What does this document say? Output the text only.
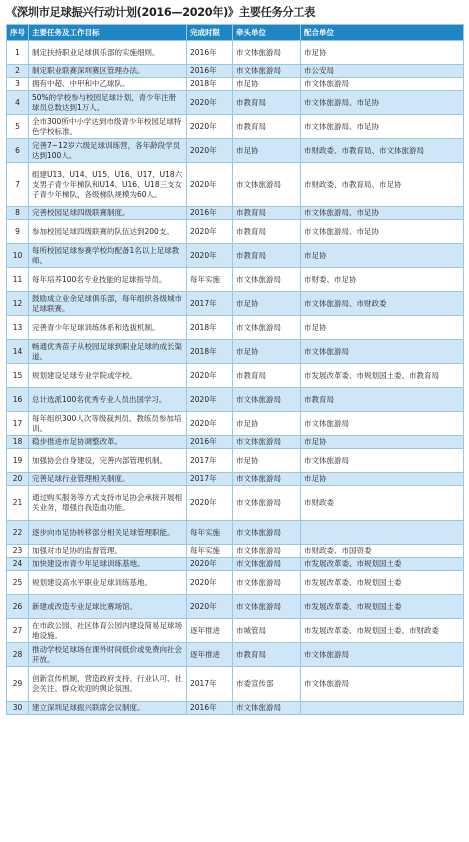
《深圳市足球振兴行动计划(2016—2020年)》主要任务分工表
序号	主要任务及工作目标	完成时限	牵头单位	配合单位
1	制定扶持职业足球俱乐部的实施细则。	2016年	市文体旅游局	市足协
2	制定职业联赛深圳赛区管理办法。	2016年	市文体旅游局	市公安局
3	拥有中超、中甲和中乙球队。	2018年	市足协	市文体旅游局
4	50%的学校参与校园足球计划，青少年注册球员总数达到1万人。	2020年	市教育局	市文体旅游局、市足协
5	全市300所中小学达到市级青少年校园足球特色学校标准。	2020年	市教育局	市文体旅游局、市足协
6	完善7~12岁六级足球训练营，各年龄段学员达到100人。	2020年	市足协	市财政委、市教育局、市文体旅游局
7	组建U13、U14、U15、U16、U17、U18六支男子青少年梯队和U14、U16、U18三支女子青少年梯队，各级梯队规模为60人。	2020年	市文体旅游局	市财政委、市教育局、市足协
8	完善校园足球四级联赛制度。	2016年	市教育局	市文体旅游局、市足协
9	参加校园足球四级联赛的队伍达到200支。	2020年	市教育局	市文体旅游局、市足协
10	每所校园足球参赛学校均配备1名以上足球教师。	2020年	市教育局	市足协
11	每年培养100名专业技能的足球指导员。	每年实施	市文体旅游局	市财委、市足协
12	鼓励成立业余足球俱乐部，每年组织各级城市足球联赛。	2017年	市足协	市文体旅游局、市财政委
13	完善青少年足球训练体系和选拔机制。	2018年	市文体旅游局	市足协
14	畅通优秀苗子从校园足球到职业足球的成长渠道。	2018年	市足协	市文体旅游局
15	规划建设足球专业学院或学校。	2020年	市教育局	市发展改革委、市规划国土委、市教育局
16	总计选派100名优秀专业人员出国学习。	2020年	市文体旅游局	市教育局
17	每年组织300人次等级裁判员、教练员参加培训。	2020年	市足协	市文体旅游局
18	稳步推进市足协调整改革。	2016年	市文体旅游局	市足协
19	加强协会自身建设，完善内部管理机制。	2017年	市足协	市文体旅游局
20	完善足球行业管理相关制度。	2017年	市文体旅游局	市足协
21	通过购买服务等方式支持市足协会承接开展相关业务，增强自我造血功能。	2020年	市文体旅游局	市财政委
22	逐步向市足协转移部分相关足球管理职能。	每年实施	市文体旅游局	
23	加强对市足协的监督管理。	每年实施	市文体旅游局	市财政委、市国资委
24	加快建设市青少年足球训练基地。	2020年	市文体旅游局	市发展改革委、市规划国土委
25	规划建设高水平职业足球训练基地。	2020年	市文体旅游局	市发展改革委、市规划国土委
26	新建或改造专业足球比赛场馆。	2020年	市文体旅游局	市发展改革委、市规划国土委
27	在市政公园、社区体育公园内建设简易足球场地设施。	逐年推进	市城管局	市发展改革委、市规划国土委、市财政委
28	推动学校足球场在课外时间低价或免费向社会开放。	逐年推进	市教育局	市文体旅游局
29	创新宣传机制，营造政府支持、行业认可、社会关注、群众欢迎的舆论氛围。	2017年	市委宣传部	市文体旅游局
30	建立深圳足球振兴联席会议制度。	2016年	市文体旅游局	
